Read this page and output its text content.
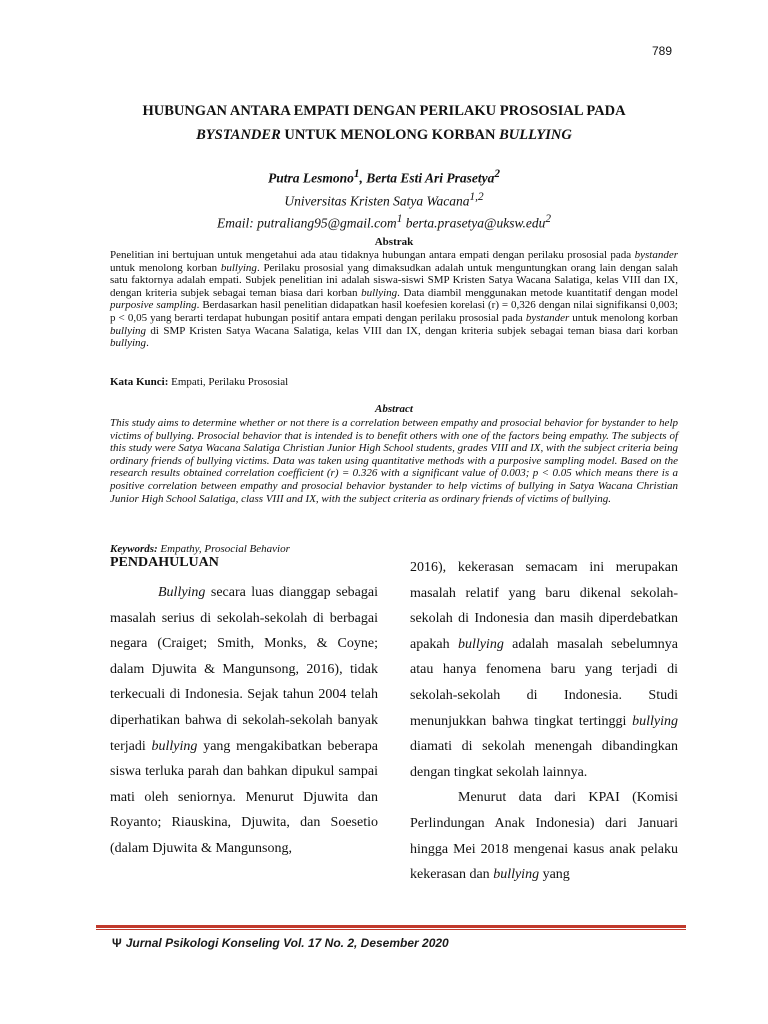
789
HUBUNGAN ANTARA EMPATI DENGAN PERILAKU PROSOSIAL PADA
BYSTANDER UNTUK MENOLONG KORBAN BULLYING
Putra Lesmono$^1$, Berta Esti Ari Prasetya$^2$
Universitas Kristen Satya Wacana$^{1,2}$
Email: putraliang95@gmail.com$^1$ berta.prasetya@uksw.edu$^2$
Abstrak
Penelitian ini bertujuan untuk mengetahui ada atau tidaknya hubungan antara empati dengan perilaku prososial pada bystander untuk menolong korban bullying. Perilaku prososial yang dimaksudkan adalah untuk menguntungkan orang lain dengan salah satu faktornya adalah empati. Subjek penelitian ini adalah siswa-siswi SMP Kristen Satya Wacana Salatiga, kelas VIII dan IX, dengan kriteria subjek sebagai teman biasa dari korban bullying. Data diambil menggunakan metode kuantitatif dengan model purposive sampling. Berdasarkan hasil penelitian didapatkan hasil koefesien korelasi (r) = 0,326 dengan nilai signifikansi 0,003; p < 0,05 yang berarti terdapat hubungan positif antara empati dengan perilaku prososial pada bystander untuk menolong korban bullying di SMP Kristen Satya Wacana Salatiga, kelas VIII dan IX, dengan kriteria subjek sebagai teman biasa dari korban bullying.
Kata Kunci: Empati, Perilaku Prososial
Abstract
This study aims to determine whether or not there is a correlation between empathy and prosocial behavior for bystander to help victims of bullying. Prosocial behavior that is intended is to benefit others with one of the factors being empathy. The subjects of this study were Satya Wacana Salatiga Christian Junior High School students, grades VIII and IX, with the subject criteria being ordinary friends of bullying victims. Data was taken using quantitative methods with a purposive sampling model. Based on the research results obtained correlation coefficient (r) = 0.326 with a significant value of 0.003; p < 0.05 which means there is a positive correlation between empathy and prosocial behavior bystander to help victims of bullying in Satya Wacana Christian Junior High School Salatiga, class VIII and IX, with the subject criteria as ordinary friends of victims of bullying.
Keywords: Empathy, Prosocial Behavior
PENDAHULUAN

Bullying secara luas dianggap sebagai masalah serius di sekolah-sekolah di berbagai negara (Craiget; Smith, Monks, & Coyne; dalam Djuwita & Mangunsong, 2016), tidak terkecuali di Indonesia. Sejak tahun 2004 telah diperhatikan bahwa di sekolah-sekolah banyak terjadi bullying yang mengakibatkan beberapa siswa terluka parah dan bahkan dipukul sampai mati oleh seniornya. Menurut Djuwita dan Royanto; Riauskina, Djuwita, dan Soesetio (dalam Djuwita & Mangunsong,

2016), kekerasan semacam ini merupakan masalah relatif yang baru dikenal sekolah-sekolah di Indonesia dan masih diperdebatkan apakah bullying adalah masalah sebelumnya atau hanya fenomena baru yang terjadi di sekolah-sekolah di Indonesia. Studi menunjukkan bahwa tingkat tertinggi bullying diamati di sekolah menengah dibandingkan dengan tingkat sekolah lainnya.

Menurut data dari KPAI (Komisi Perlindungan Anak Indonesia) dari Januari hingga Mei 2018 mengenai kasus anak pelaku kekerasan dan bullying yang

Ψ Jurnal Psikologi Konseling Vol. 17 No. 2, Desember 2020
